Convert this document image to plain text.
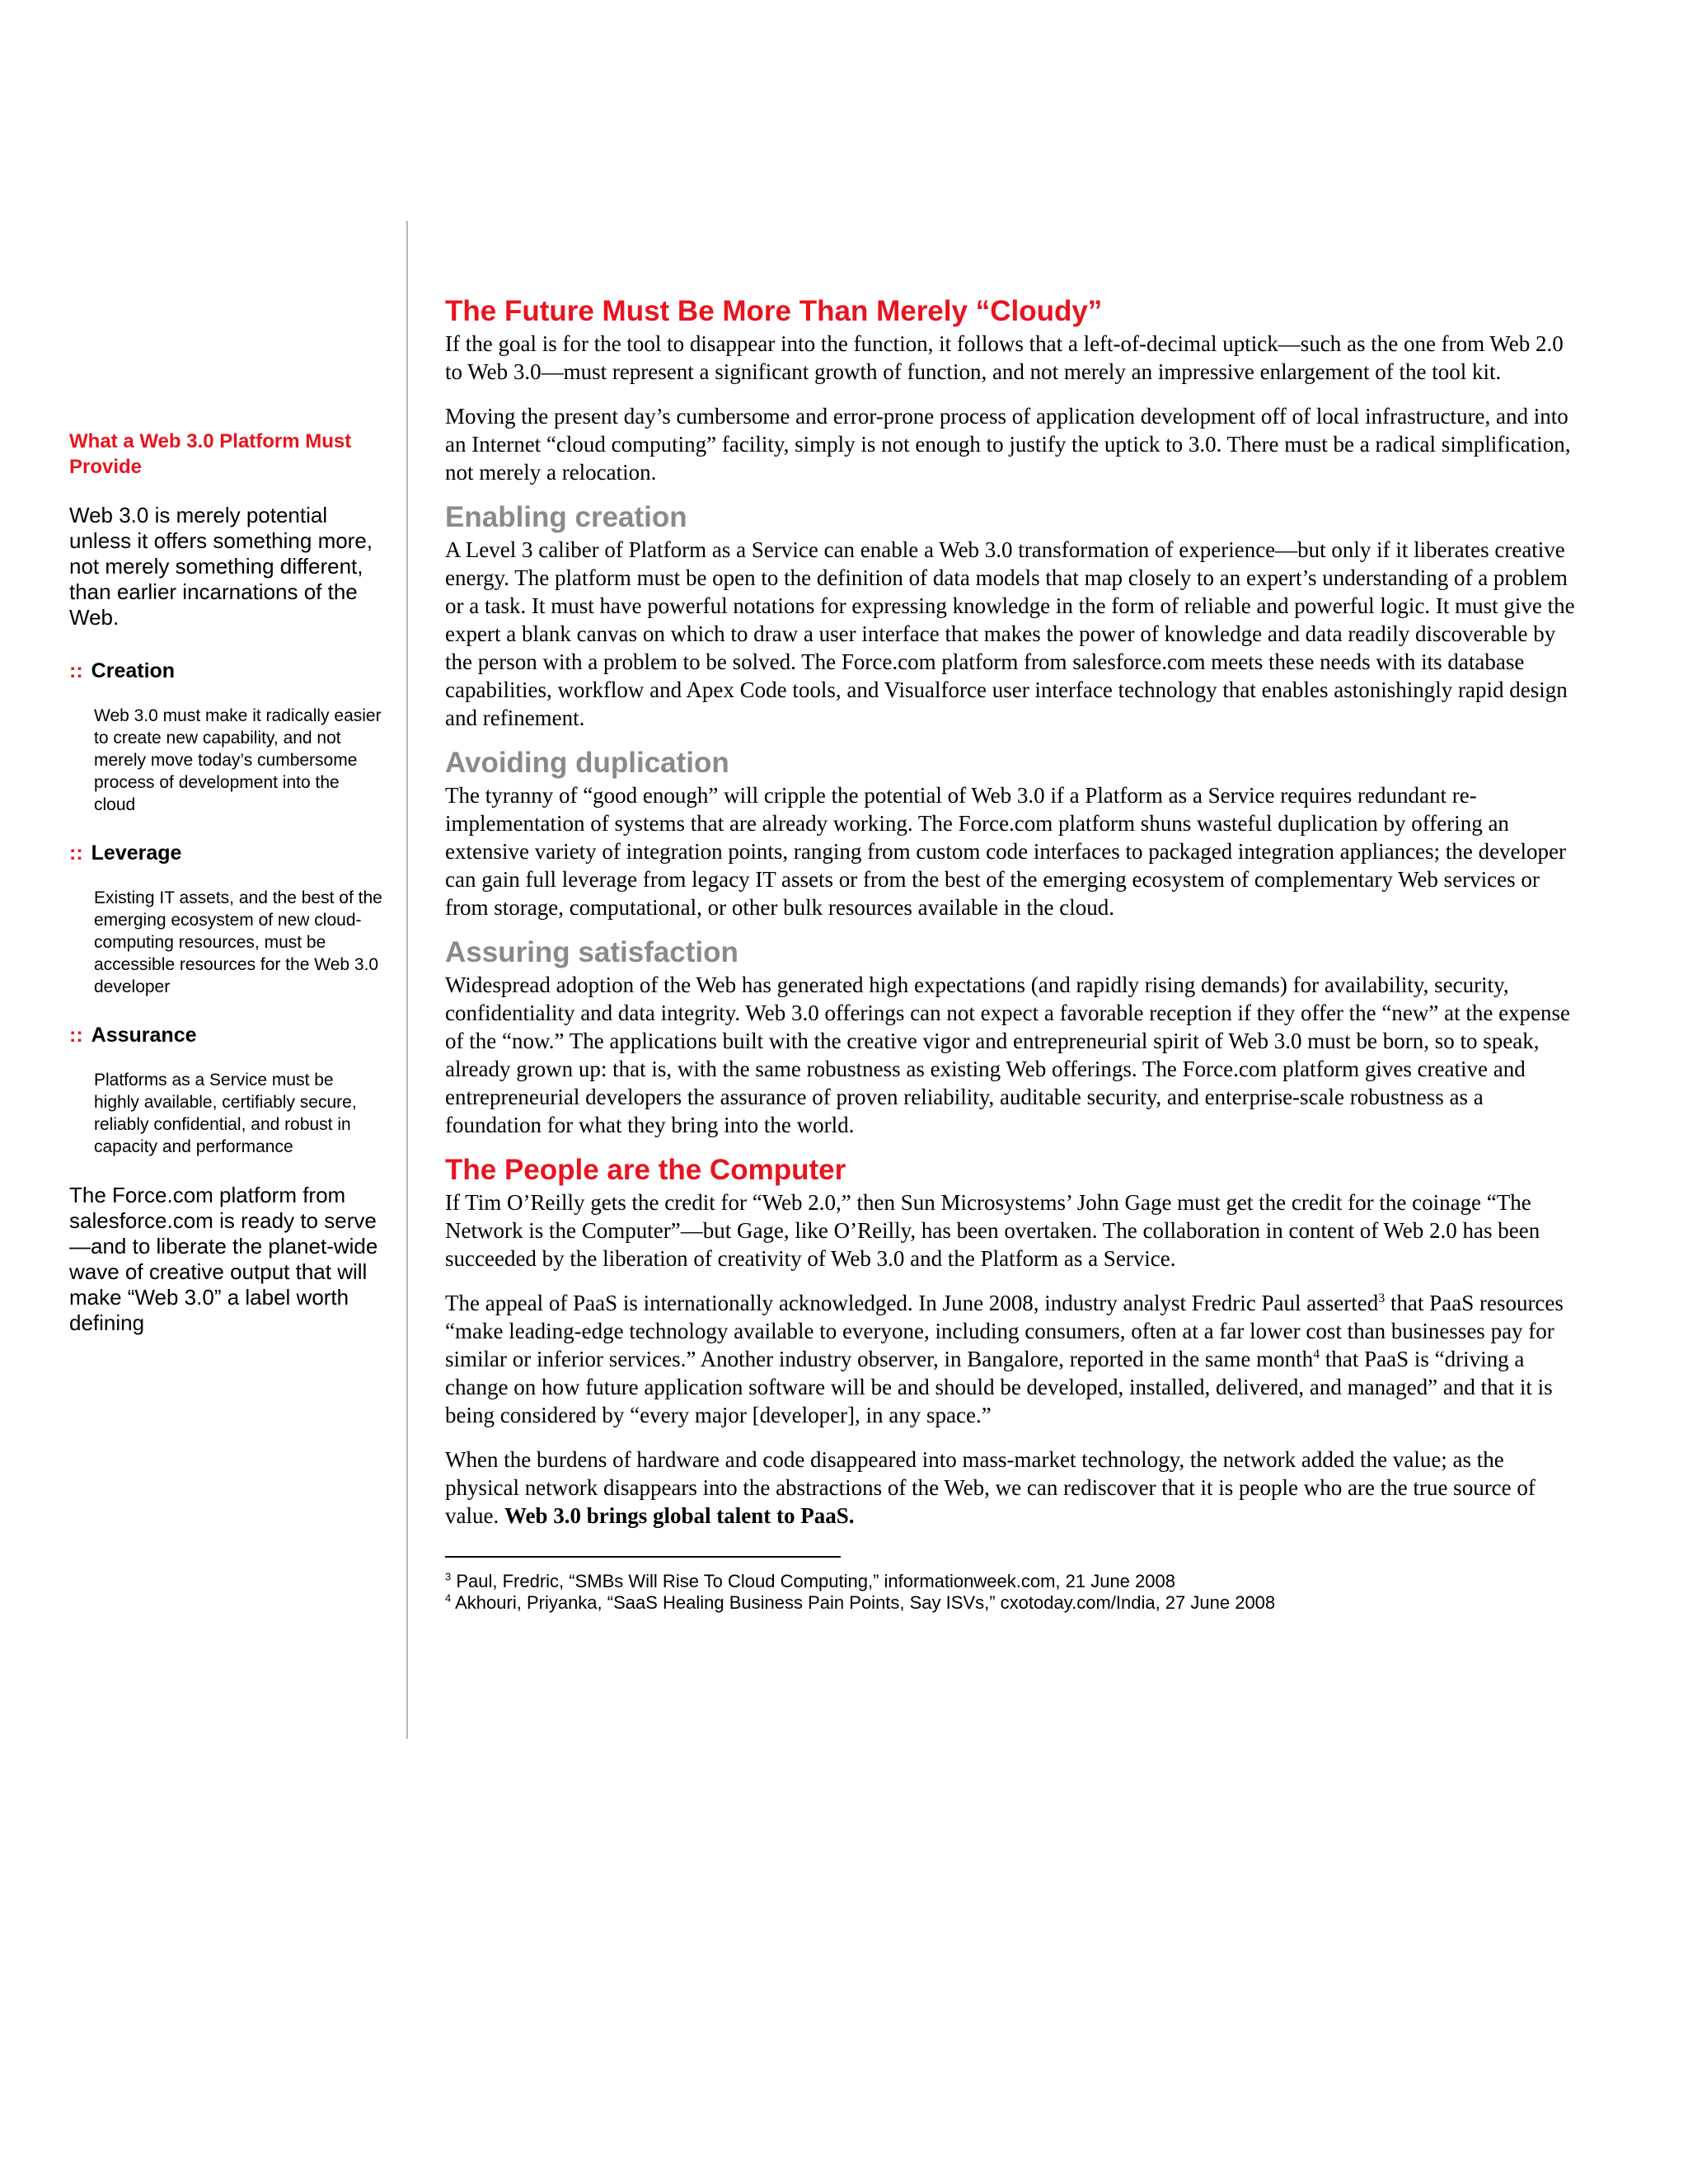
What a Web 3.0 Platform Must Provide
Web 3.0 is merely potential unless it offers something more, not merely something different, than earlier incarnations of the Web.
:: Creation
Web 3.0 must make it radically easier to create new capability, and not merely move today’s cumbersome process of development into the cloud
:: Leverage
Existing IT assets, and the best of the emerging ecosystem of new cloud-computing resources, must be accessible resources for the Web 3.0 developer
:: Assurance
Platforms as a Service must be highly available, certifiably secure, reliably confidential, and robust in capacity and performance
The Force.com platform from salesforce.com is ready to serve—and to liberate the planet-wide wave of creative output that will make “Web 3.0” a label worth defining
The Future Must Be More Than Merely “Cloudy”

If the goal is for the tool to disappear into the function, it follows that a left-of-decimal uptick—such as the one from Web 2.0 to Web 3.0—must represent a significant growth of function, and not merely an impressive enlargement of the tool kit.

Moving the present day’s cumbersome and error-prone process of application development off of local infrastructure, and into an Internet “cloud computing” facility, simply is not enough to justify the uptick to 3.0. There must be a radical simplification, not merely a relocation.

Enabling creation

A Level 3 caliber of Platform as a Service can enable a Web 3.0 transformation of experience—but only if it liberates creative energy. The platform must be open to the definition of data models that map closely to an expert’s understanding of a problem or a task. It must have powerful notations for expressing knowledge in the form of reliable and powerful logic. It must give the expert a blank canvas on which to draw a user interface that makes the power of knowledge and data readily discoverable by the person with a problem to be solved. The Force.com platform from salesforce.com meets these needs with its database capabilities, workflow and Apex Code tools, and Visualforce user interface technology that enables astonishingly rapid design and refinement.

Avoiding duplication

The tyranny of “good enough” will cripple the potential of Web 3.0 if a Platform as a Service requires redundant re-implementation of systems that are already working. The Force.com platform shuns wasteful duplication by offering an extensive variety of integration points, ranging from custom code interfaces to packaged integration appliances; the developer can gain full leverage from legacy IT assets or from the best of the emerging ecosystem of complementary Web services or from storage, computational, or other bulk resources available in the cloud.

Assuring satisfaction

Widespread adoption of the Web has generated high expectations (and rapidly rising demands) for availability, security, confidentiality and data integrity. Web 3.0 offerings can not expect a favorable reception if they offer the “new” at the expense of the “now.” The applications built with the creative vigor and entrepreneurial spirit of Web 3.0 must be born, so to speak, already grown up: that is, with the same robustness as existing Web offerings. The Force.com platform gives creative and entrepreneurial developers the assurance of proven reliability, auditable security, and enterprise-scale robustness as a foundation for what they bring into the world.

The People are the Computer

If Tim O’Reilly gets the credit for “Web 2.0,” then Sun Microsystems’ John Gage must get the credit for the coinage “The Network is the Computer”—but Gage, like O’Reilly, has been overtaken. The collaboration in content of Web 2.0 has been succeeded by the liberation of creativity of Web 3.0 and the Platform as a Service.

The appeal of PaaS is internationally acknowledged. In June 2008, industry analyst Fredric Paul asserted$^3$ that PaaS resources “make leading-edge technology available to everyone, including consumers, often at a far lower cost than businesses pay for similar or inferior services.” Another industry observer, in Bangalore, reported in the same month$^4$ that PaaS is “driving a change on how future application software will be and should be developed, installed, delivered, and managed” and that it is being considered by “every major [developer], in any space.”

When the burdens of hardware and code disappeared into mass-market technology, the network added the value; as the physical network disappears into the abstractions of the Web, we can rediscover that it is people who are the true source of value. Web 3.0 brings global talent to PaaS.

$^3$ Paul, Fredric, “SMBs Will Rise To Cloud Computing,” informationweek.com, 21 June 2008

$^4$ Akhouri, Priyanka, “SaaS Healing Business Pain Points, Say ISVs,” cxotoday.com/India, 27 June 2008
